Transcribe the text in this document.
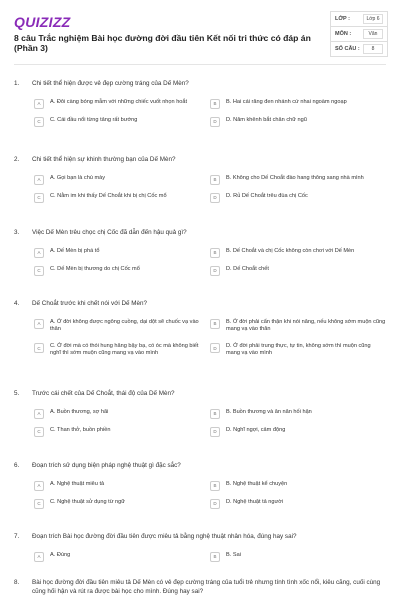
QUIZIZZ
8 câu Trắc nghiệm Bài học đường đời đầu tiên Kết nối tri thức có đáp án (Phần 3)
LỚP :	Lớp 6
MÔN :	Văn
SỐ CÂU :	8
1.	Chi tiết thể hiện được vẻ đẹp cường tráng của Dế Mèn?
A	A. Đôi càng bóng mẫm với những chiếc vuốt nhọn hoắt	B	B. Hai cái răng đen nhánh cứ nhai ngoàm ngoạp
C	C. Cái đầu nổi từng tảng rất bướng	D	D. Năm khênh bắt chân chữ ngũ
2.	Chi tiết thể hiện sự khinh thường bạn của Dế Mèn?
A	A. Gọi bạn là chú mày	B	B. Không cho Dế Choắt đào hang thông sang nhà mình
C	C. Nằm im khi thấy Dế Choắt khi bị chị Cốc mổ	D	D. Rủ Dế Choắt trêu đùa chị Cốc
3.	Việc Dế Mèn trêu chọc chị Cốc đã dẫn đến hậu quả gì?
A	A. Dế Mèn bị phá tổ	B	B. Dế Choắt và chị Cốc không còn chơi với Dế Mèn
C	C. Dế Mèn bị thương do chị Cốc mổ	D	D. Dế Choắt chết
4.	Dế Choắt trước khi chết nói với Dế Mèn?
A	A. Ở đời không được ngông cuồng, dại dột sẽ chuốc vạ vào thân
B	B. Ở đời phải cẩn thận khi nói năng, nếu không sớm muộn cũng mang vạ vào thân
C	C. Ở đời mà có thói hung hăng bậy bạ, có óc mà không biết nghĩ thì sớm muộn cũng mang vạ vào mình
D	D. Ở đời phải trung thực, tự tin, không sớm thì muộn cũng mang vạ vào mình
5.	Trước cái chết của Dế Choắt, thái độ của Dế Mèn?
A	A. Buồn thương, sợ hãi	B	B. Buồn thương và ân năn hối hận
C	C. Than thở, buồn phiền	D	D. Nghĩ ngợi, cảm động
6.	Đoạn trích sử dụng biện pháp nghệ thuật gì đặc sắc?
A	A. Nghệ thuật miêu tả	B	B. Nghệ thuật kể chuyện
C	C. Nghệ thuật sử dụng từ ngữ	D	D. Nghệ thuật tả người
7.	Đoạn trích Bài học đường đời đầu tiên được miêu tả bằng nghệ thuật nhân hóa, đúng hay sai?
A	A. Đúng	B	B. Sai
8.	Bài học đường đời đầu tiên miêu tả Dế Mèn có vẻ đẹp cường tráng của tuổi trẻ nhưng tính tình xốc nổi, kiêu căng, cuối cùng cũng hối hận và rút ra được bài học cho mình. Đúng hay sai?
